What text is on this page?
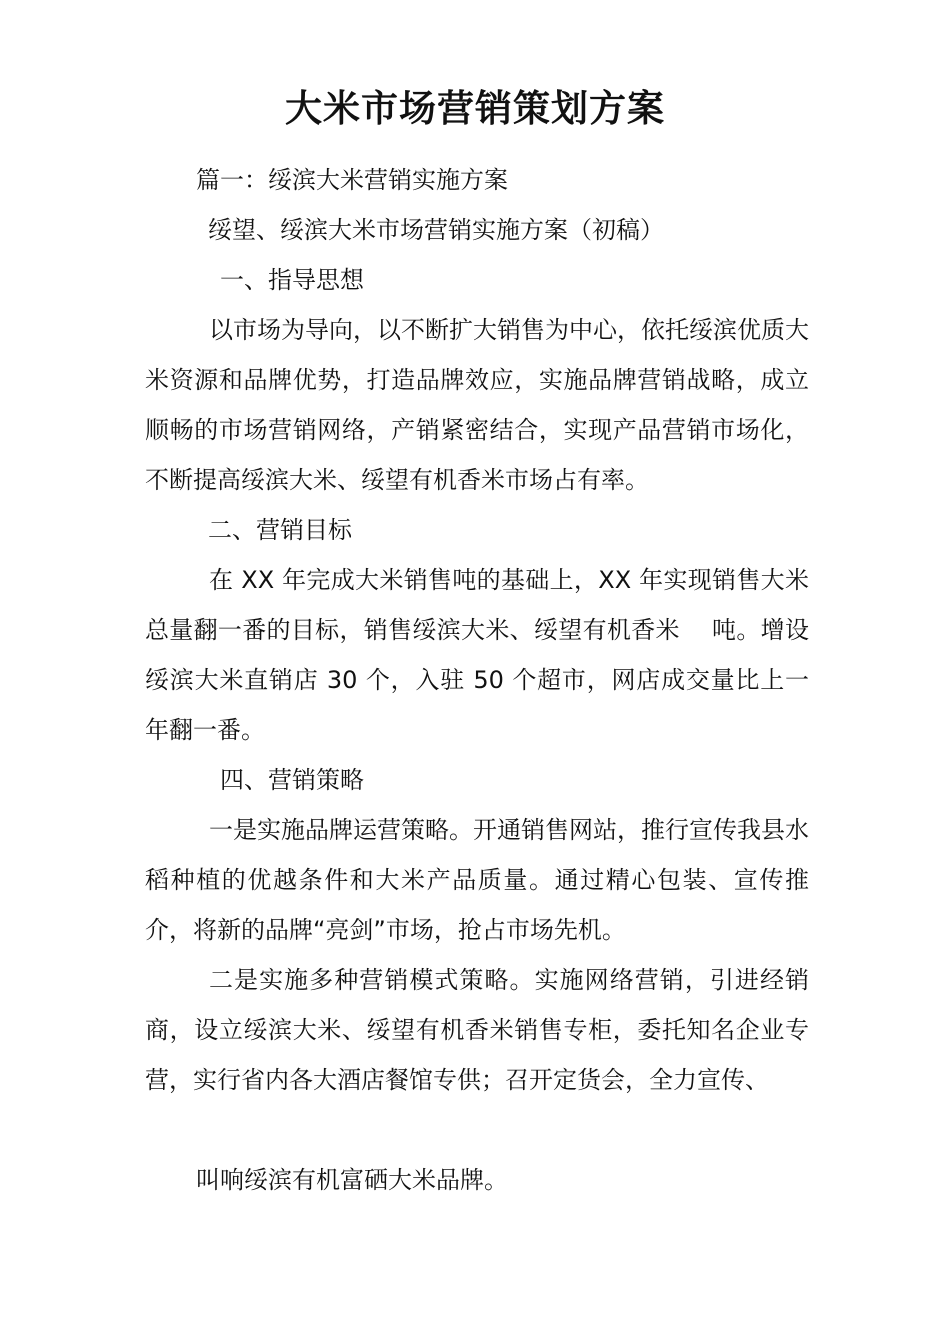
大米市场营销策划方案

篇一：绥滨大米营销实施方案

绥望、绥滨大米市场营销实施方案（初稿）

一、指导思想

以市场为导向，以不断扩大销售为中心，依托绥滨优质大米资源和品牌优势，打造品牌效应，实施品牌营销战略，成立顺畅的市场营销网络，产销紧密结合，实现产品营销市场化，不断提高绥滨大米、绥望有机香米市场占有率。

二、营销目标

在 XX 年完成大米销售吨的基础上，XX 年实现销售大米总量翻一番的目标，销售绥滨大米、绥望有机香米　 吨。增设绥滨大米直销店 30 个，入驻 50 个超市，网店成交量比上一年翻一番。

四、营销策略

一是实施品牌运营策略。开通销售网站，推行宣传我县水稻种植的优越条件和大米产品质量。通过精心包装、宣传推介，将新的品牌“亮剑”市场，抢占市场先机。

二是实施多种营销模式策略。实施网络营销，引进经销商，设立绥滨大米、绥望有机香米销售专柜，委托知名企业专营，实行省内各大酒店餐馆专供；召开定货会，全力宣传、

叫响绥滨有机富硒大米品牌。
